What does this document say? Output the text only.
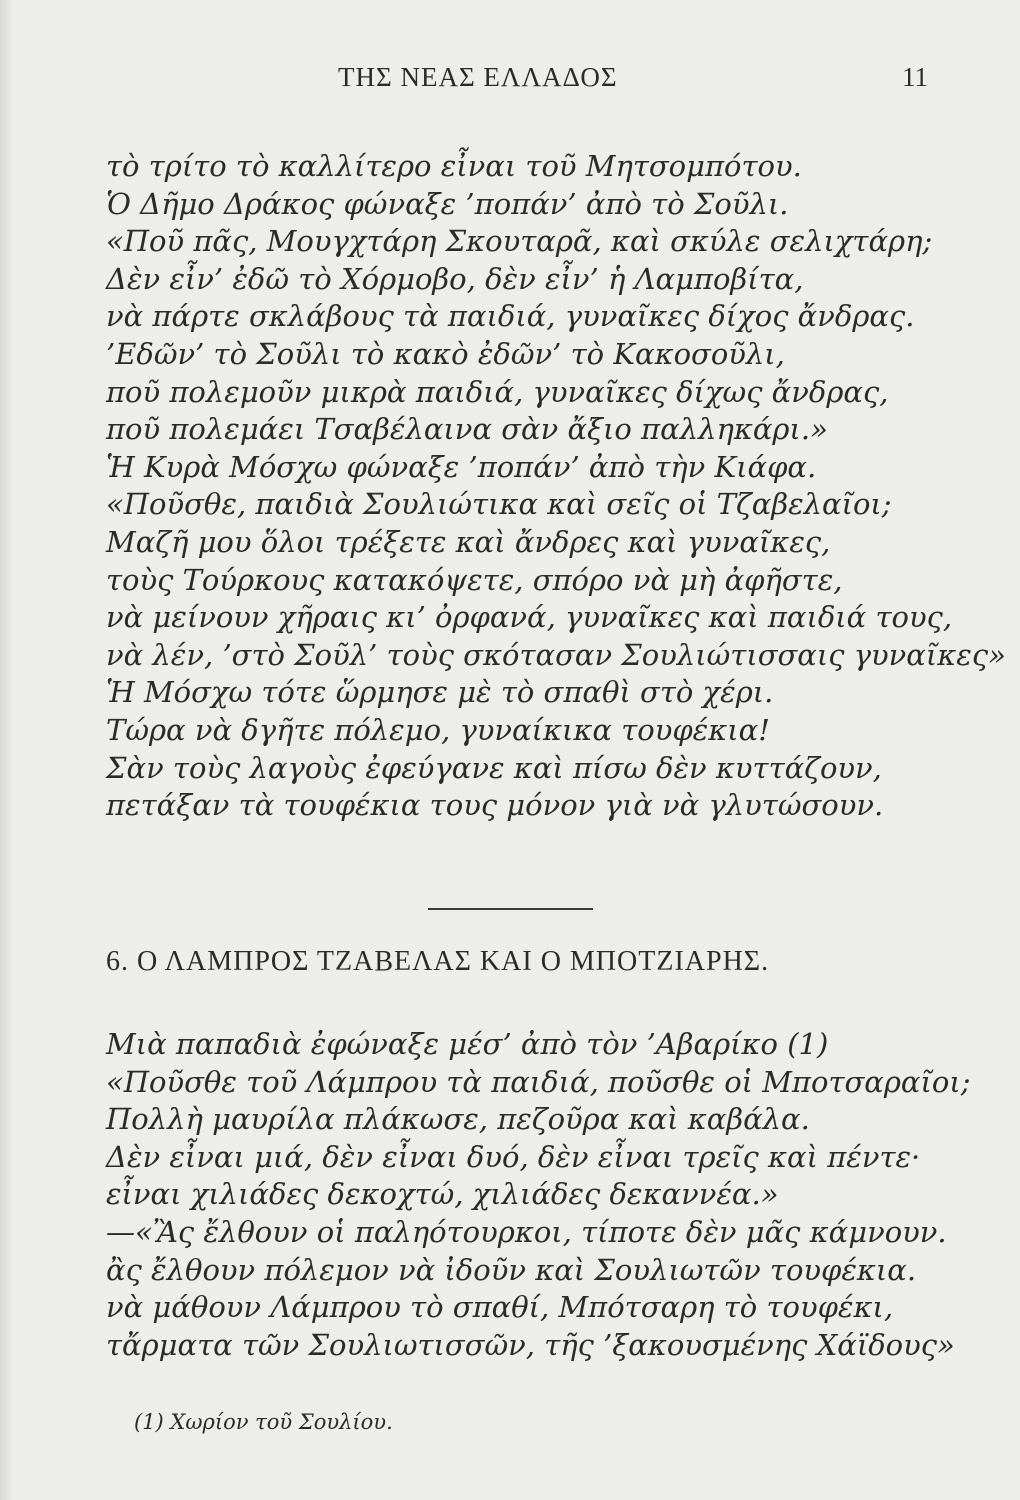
ΤΗΣ ΝΕΑΣ ΕΛΛΑΔΟΣ	11
τὸ τρίτο τὸ καλλίτερο εἶναι τοῦ Μητσομπότου.
Ὁ Δῆμο Δράκος φώναξε ’ποπάν’ ἀπὸ τὸ Σοῦλι.
«Ποῦ πᾶς, Μουγχτάρη Σκουταρᾶ, καὶ σκύλε σελιχτάρη;
Δὲν εἶν’ ἐδῶ τὸ Χόρμοβο, δὲν εἶν’ ἡ Λαμποβίτα,
νὰ πάρτε σκλάβους τὰ παιδιά, γυναῖκες δίχος ἄνδρας.
’Εδῶν’ τὸ Σοῦλι τὸ κακὸ ἐδῶν’ τὸ Κακοσοῦλι,
ποῦ πολεμοῦν μικρὰ παιδιά, γυναῖκες δίχως ἄνδρας,
ποῦ πολεμάει Τσαβέλαινα σὰν ἄξιο παλληκάρι.»
Ἡ Κυρὰ Μόσχω φώναξε ’ποπάν’ ἀπὸ τὴν Κιάφα.
«Ποῦσθε, παιδιὰ Σουλιώτικα καὶ σεῖς οἱ Τζαβελαῖοι;
Μαζῆ μου ὅλοι τρέξετε καὶ ἄνδρες καὶ γυναῖκες,
τοὺς Τούρκους κατακόψετε, σπόρο νὰ μὴ ἀφῆστε,
νὰ μείνουν χῆραις κι’ ὀρφανά, γυναῖκες καὶ παιδιά τους,
νὰ λέν, ’στὸ Σοῦλ’ τοὺς σκότασαν Σουλιώτισσαις γυναῖκες»
Ἡ Μόσχω τότε ὥρμησε μὲ τὸ σπαθὶ στὸ χέρι.
Τώρα νὰ δγῆτε πόλεμο, γυναίκικα τουφέκια!
Σὰν τοὺς λαγοὺς ἐφεύγανε καὶ πίσω δὲν κυττάζουν,
πετάξαν τὰ τουφέκια τους μόνον γιὰ νὰ γλυτώσουν.
6. Ο ΛΑΜΠΡΟΣ ΤΖΑΒΕΛΑΣ ΚΑΙ Ο ΜΠΟΤΖΙΑΡΗΣ.
Μιὰ παπαδιὰ ἐφώναξε μέσ’ ἀπὸ τὸν ’Αβαρίκο (1)
«Ποῦσθε τοῦ Λάμπρου τὰ παιδιά, ποῦσθε οἱ Μποτσαραῖοι;
Πολλὴ μαυρίλα πλάκωσε, πεζοῦρα καὶ καβάλα.
Δὲν εἶναι μιά, δὲν εἶναι δυό, δὲν εἶναι τρεῖς καὶ πέντε·
εἶναι χιλιάδες δεκοχτώ, χιλιάδες δεκαννέα.»
—«Ἂς ἔλθουν οἱ παληότουρκοι, τίποτε δὲν μᾶς κάμνουν.
ἂς ἔλθουν πόλεμον νὰ ἰδοῦν καὶ Σουλιωτῶν τουφέκια.
νὰ μάθουν Λάμπρου τὸ σπαθί, Μπότσαρη τὸ τουφέκι,
τἄρματα τῶν Σουλιωτισσῶν, τῆς ’ξακουσμένης Χάϊδους»
(1) Χωρίον τοῦ Σουλίου.
